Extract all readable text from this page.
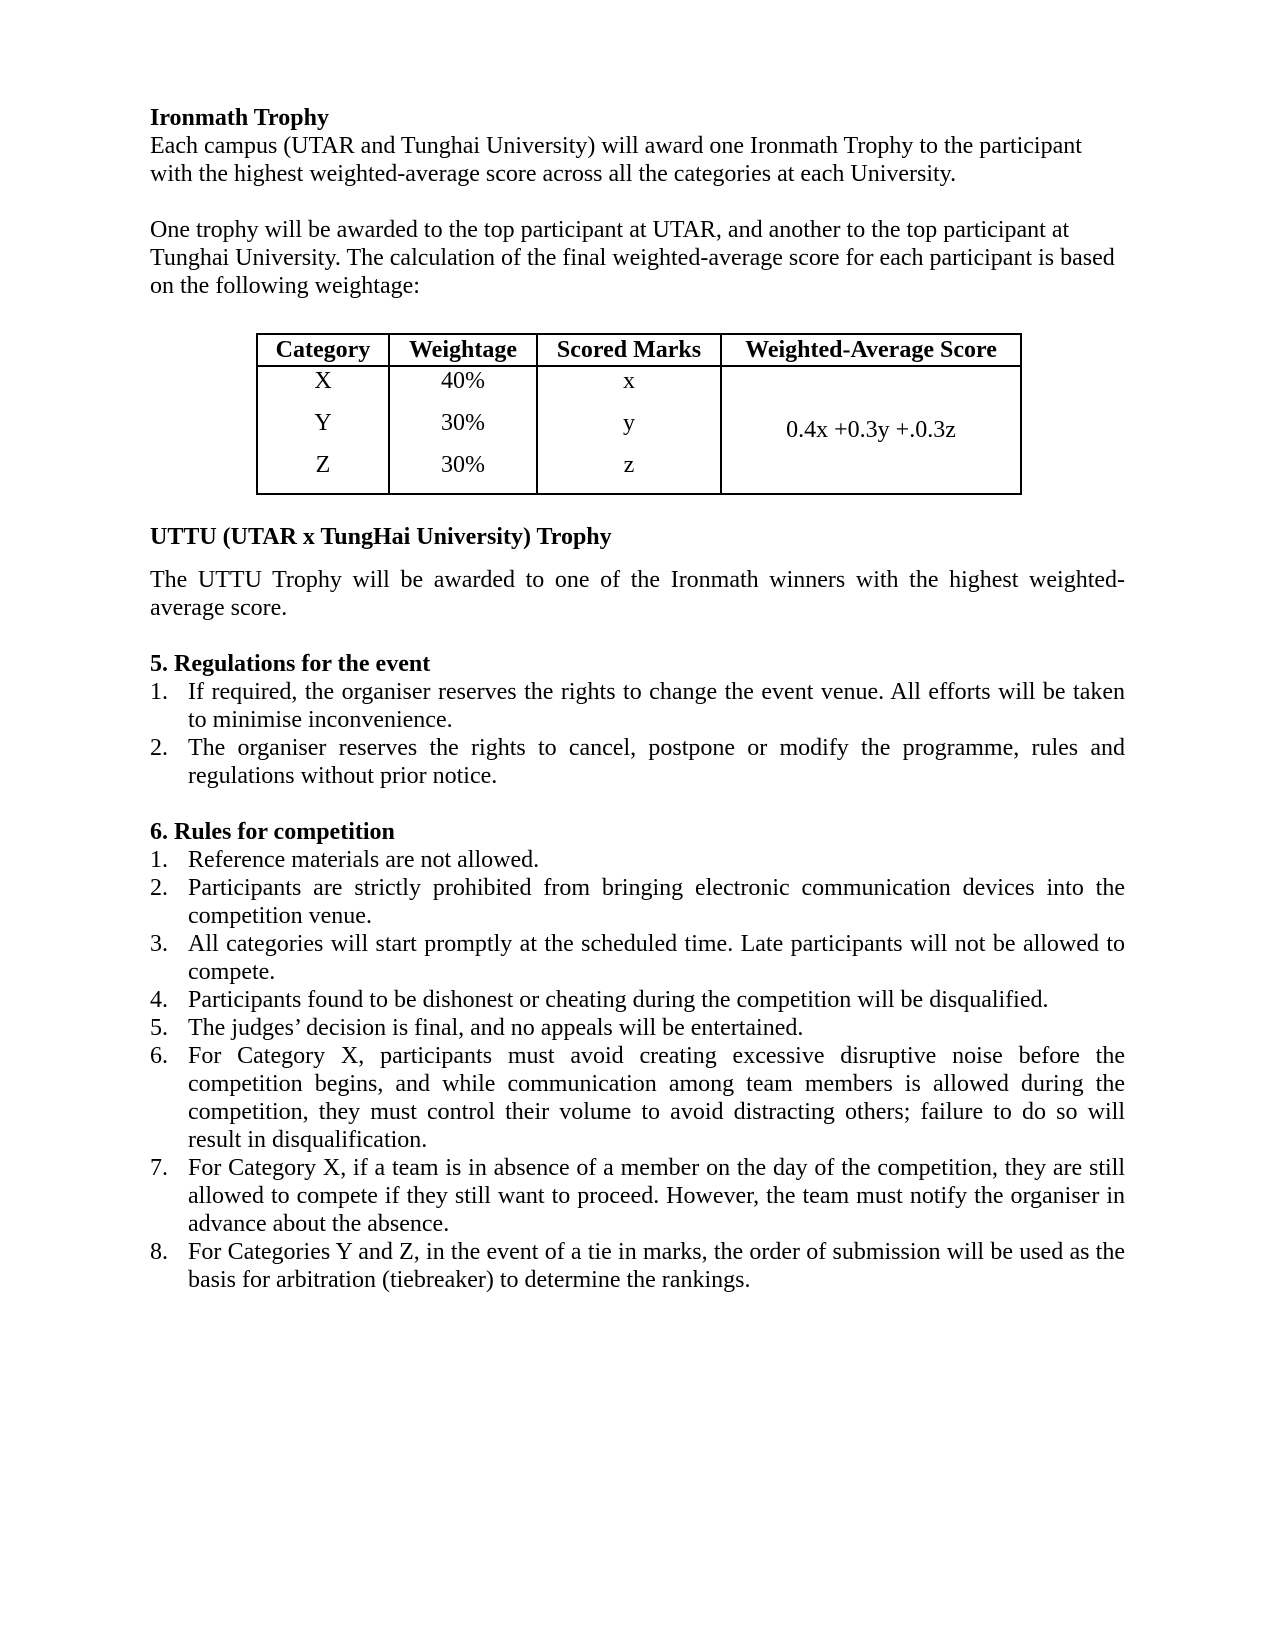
Ironmath Trophy

Each campus (UTAR and Tunghai University) will award one Ironmath Trophy to the participant with the highest weighted-average score across all the categories at each University.

One trophy will be awarded to the top participant at UTAR, and another to the top participant at Tunghai University. The calculation of the final weighted-average score for each participant is based on the following weightage:

Category	Weightage	Scored Marks	Weighted-Average Score
X	40%	x	0.4x +0.3y +.0.3z
Y	30%	y	
Z	30%	z	
UTTU (UTAR x TungHai University) Trophy

The UTTU Trophy will be awarded to one of the Ironmath winners with the highest weighted-average score.

5. Regulations for the event
1. If required, the organiser reserves the rights to change the event venue. All efforts will be taken to minimise inconvenience.
2. The organiser reserves the rights to cancel, postpone or modify the programme, rules and regulations without prior notice.
6. Rules for competition
1. Reference materials are not allowed.
2. Participants are strictly prohibited from bringing electronic communication devices into the competition venue.
3. All categories will start promptly at the scheduled time. Late participants will not be allowed to compete.
4. Participants found to be dishonest or cheating during the competition will be disqualified.
5. The judges’ decision is final, and no appeals will be entertained.
6. For Category X, participants must avoid creating excessive disruptive noise before the competition begins, and while communication among team members is allowed during the competition, they must control their volume to avoid distracting others; failure to do so will result in disqualification.
7. For Category X, if a team is in absence of a member on the day of the competition, they are still allowed to compete if they still want to proceed. However, the team must notify the organiser in advance about the absence.
8. For Categories Y and Z, in the event of a tie in marks, the order of submission will be used as the basis for arbitration (tiebreaker) to determine the rankings.
